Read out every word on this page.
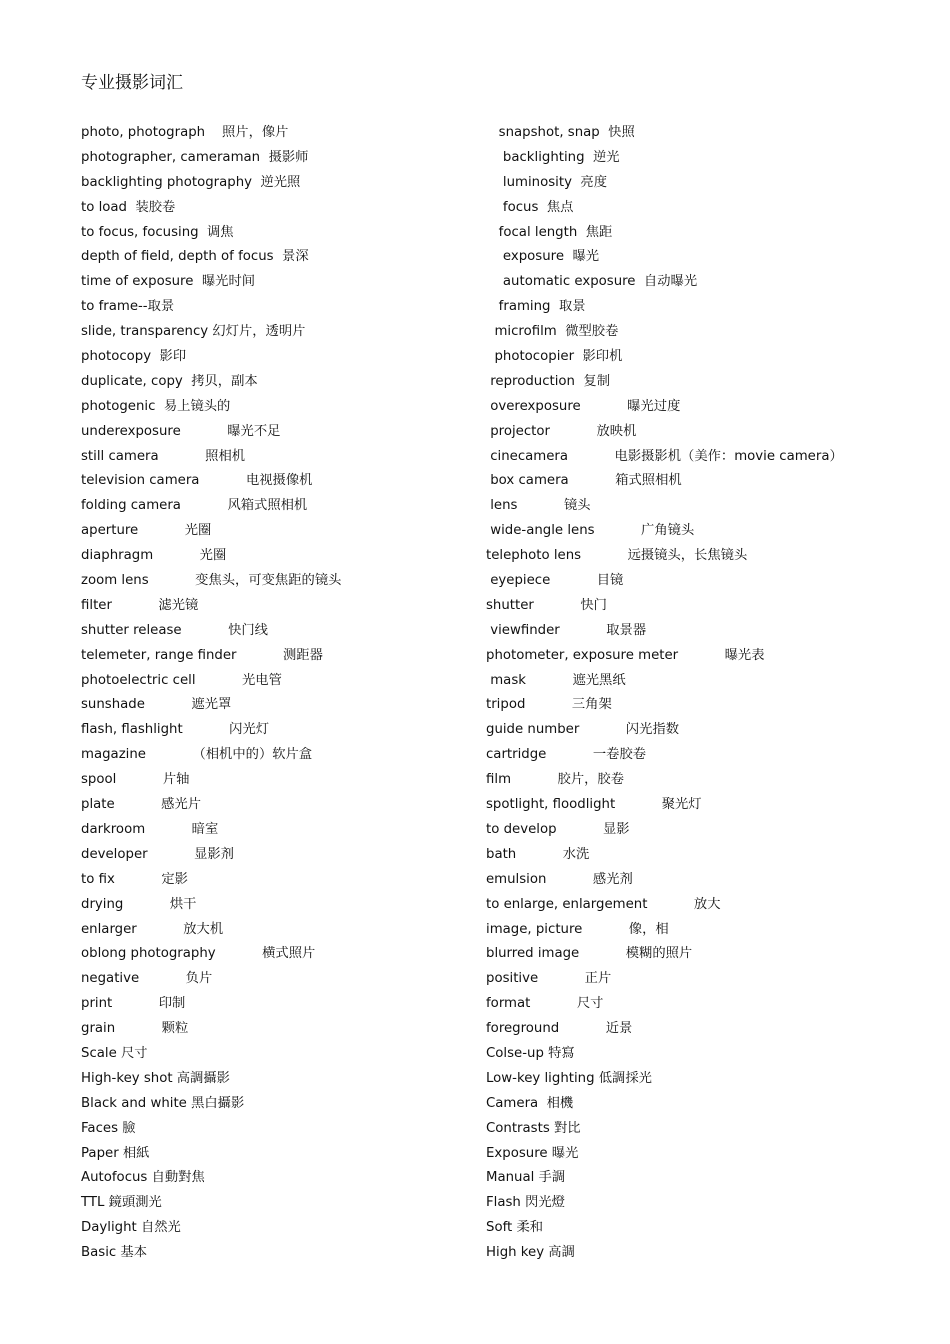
专业摄影词汇
photo, photograph    照片，像片
photographer, cameraman  摄影师
backlighting photography  逆光照
to load  装胶卷
to focus, focusing  调焦
depth of field, depth of focus  景深
time of exposure  曝光时间
to frame--取景
slide, transparency 幻灯片，透明片
photocopy  影印
duplicate, copy  拷贝，副本
photogenic  易上镜头的
underexposure           曝光不足
still camera           照相机
television camera           电视摄像机
folding camera           风箱式照相机
aperture           光圈
diaphragm           光圈
zoom lens           变焦头，可变焦距的镜头
filter           滤光镜
shutter release           快门线
telemeter, range finder           测距器
photoelectric cell           光电管
sunshade           遮光罩
flash, flashlight           闪光灯
magazine           （相机中的）软片盒
spool           片轴
plate           感光片
darkroom           暗室
developer           显影剂
to fix           定影
drying           烘干
enlarger           放大机
oblong photography           横式照片
negative           负片
print           印制
grain           颗粒
Scale 尺寸
High-key shot 高調攝影
Black and white 黑白攝影
Faces 臉
Paper 相紙
Autofocus 自動對焦
TTL 鏡頭測光
Daylight 自然光
Basic 基本
snapshot, snap  快照
backlighting  逆光
luminosity  亮度
focus  焦点
focal length  焦距
exposure  曝光
automatic exposure  自动曝光
framing  取景
microfilm  微型胶卷
photocopier  影印机
reproduction  复制
overexposure           曝光过度
projector           放映机
cinecamera           电影摄影机（美作：movie camera）
box camera           箱式照相机
lens           镜头
wide-angle lens           广角镜头
telephoto lens           远摄镜头，长焦镜头
eyepiece           目镜
shutter           快门
viewfinder           取景器
photometer, exposure meter           曝光表
mask           遮光黑纸
tripod           三角架
guide number           闪光指数
cartridge           一卷胶卷
film           胶片，胶卷
spotlight, floodlight           聚光灯
to develop           显影
bath           水洗
emulsion           感光剂
to enlarge, enlargement           放大
image, picture           像，相
blurred image           模糊的照片
positive           正片
format           尺寸
foreground           近景
Colse-up 特寫
Low-key lighting 低調採光
Camera  相機
Contrasts 對比
Exposure 曝光
Manual 手調
Flash 閃光燈
Soft 柔和
High key 高調
